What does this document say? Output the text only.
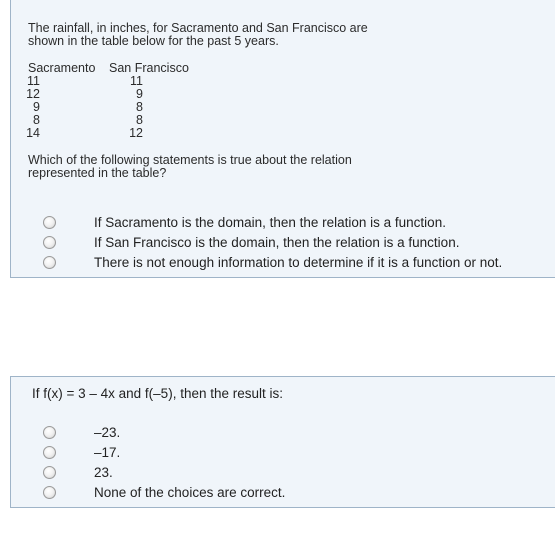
The rainfall, in inches, for Sacramento and San Francisco are
shown in the table below for the past 5 years.
Sacramento	San Francisco
11	11
12	9
9	8
8	8
14	12
Which of the following statements is true about the relation
represented in the table?
If Sacramento is the domain, then the relation is a function.
If San Francisco is the domain, then the relation is a function.
There is not enough information to determine if it is a function or not.
If f(x) = 3 – 4x and f(–5), then the result is:
–23.
–17.
23.
None of the choices are correct.
